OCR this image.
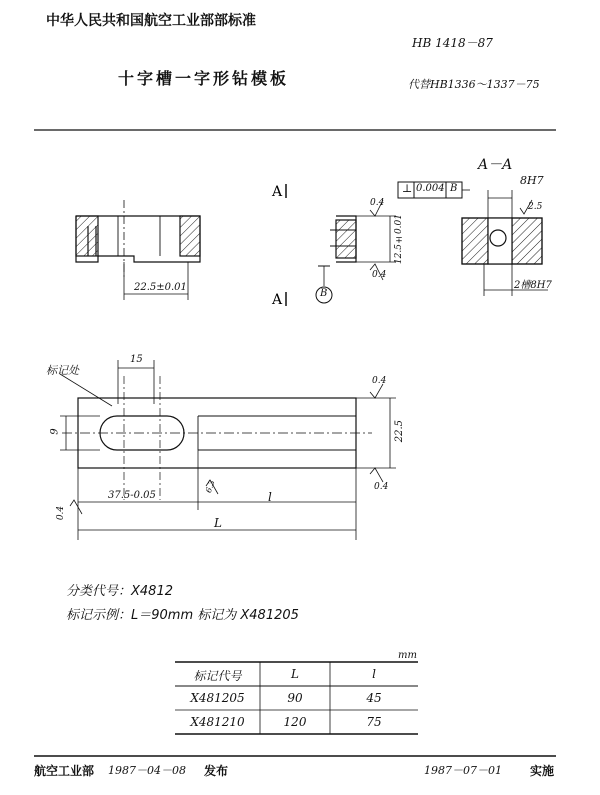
中华人民共和国航空工业部部标准
HB 1418－87
十字槽一字形钻模板	代替HB1336～1337－75
A
A
A－A
⊥ 0.004 B
8H7
2.5
0.4
12.5±0.01
0.4
B
22.5±0.01	2槽8H7
标记处
15
9
0.4
22.5
0.4
37.5-0.05
6.3
l
L
0.4
分类代号：X4812
标记示例：L＝90mm 标记为 X481205
mm
标记代号	L	l
X481205	90	45
X481210	120	75
航空工业部 1987－04－08 发布	1987－07－01 实施
